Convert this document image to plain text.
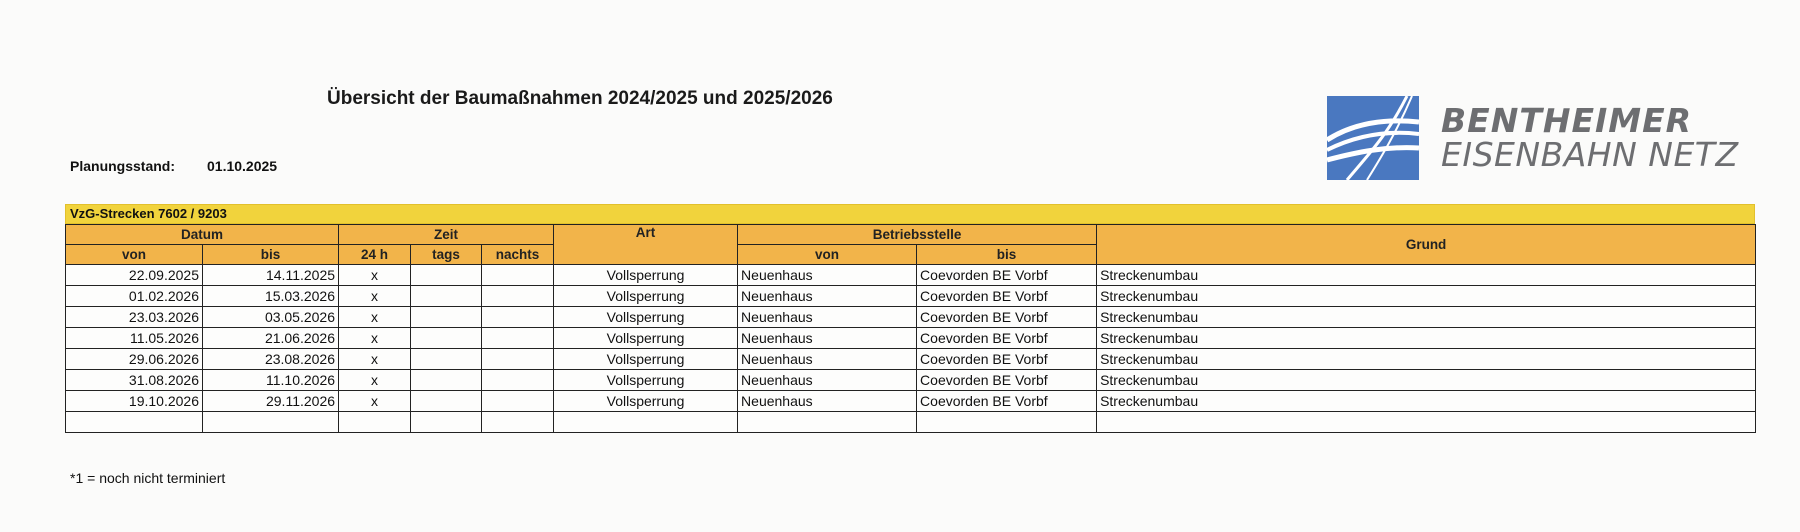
Übersicht der Baumaßnahmen 2024/2025 und 2025/2026
Planungsstand: 01.10.2025
BENTHEIMER
EISENBAHN NETZ
VzG-Strecken 7602 / 9203
Datum		Zeit			Art	Betriebsstelle		Grund
von	bis	24 h	tags	nachts		von	bis	
22.09.2025	14.11.2025	x			Vollsperrung	Neuenhaus	Coevorden BE Vorbf	Streckenumbau
01.02.2026	15.03.2026	x			Vollsperrung	Neuenhaus	Coevorden BE Vorbf	Streckenumbau
23.03.2026	03.05.2026	x			Vollsperrung	Neuenhaus	Coevorden BE Vorbf	Streckenumbau
11.05.2026	21.06.2026	x			Vollsperrung	Neuenhaus	Coevorden BE Vorbf	Streckenumbau
29.06.2026	23.08.2026	x			Vollsperrung	Neuenhaus	Coevorden BE Vorbf	Streckenumbau
31.08.2026	11.10.2026	x			Vollsperrung	Neuenhaus	Coevorden BE Vorbf	Streckenumbau
19.10.2026	29.11.2026	x			Vollsperrung	Neuenhaus	Coevorden BE Vorbf	Streckenumbau

*1 = noch nicht terminiert
